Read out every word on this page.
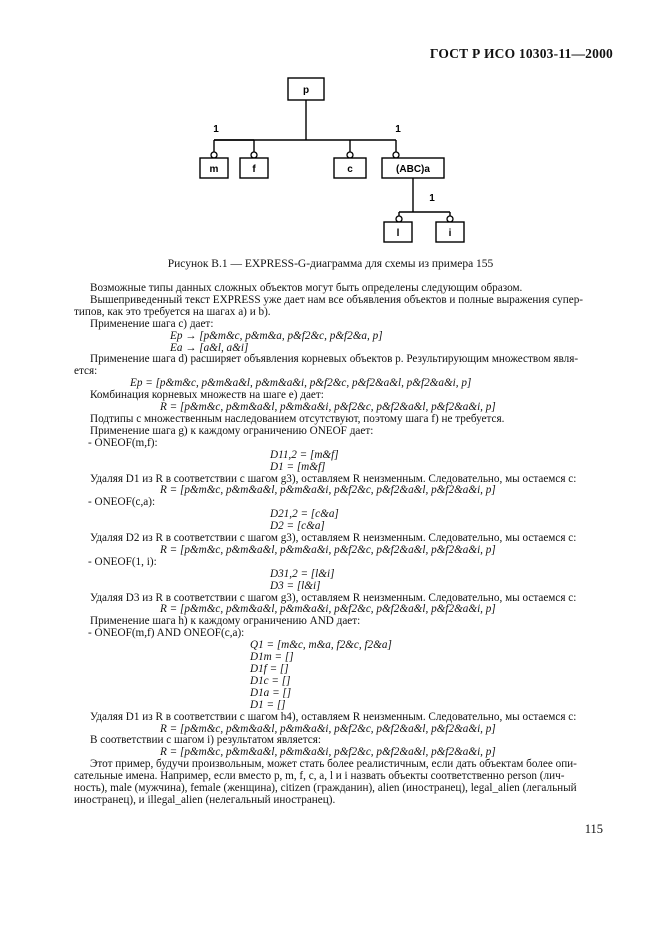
ГОСТ Р ИСО 10303-11—2000
p
1	1
m	f	c	(ABC)a
1
l	i
Рисунок В.1 — EXPRESS-G-диаграмма для схемы из примера 155

Возможные типы данных сложных объектов могут быть определены следующим образом.

Вышеприведенный текст EXPRESS уже дает нам все объявления объектов и полные выражения супер-

типов, как это требуется на шагах а) и b).

Применение шага с) дает:

Eр → [p&m&c, p&m&a, p&f2&c, p&f2&a, p]

Ea → [a&l, a&i]

Применение шага d) расширяет объявления корневых объектов p. Результирующим множеством явля-

ется:

Eр = [p&m&c, p&m&a&l, p&m&a&i, p&f2&c, p&f2&a&l, p&f2&a&i, p]

Комбинация корневых множеств на шаге е) дает:

R = [p&m&c, p&m&a&l, p&m&a&i, p&f2&c, p&f2&a&l, p&f2&a&i, p]

Подтипы с множественным наследованием отсутствуют, поэтому шага f) не требуется.

Применение шага g) к каждому ограничению ONEOF дает:

- ONEOF(m,f):

D11,2 = [m&f]

D1 = [m&f]

Удаляя D1 из R в соответствии с шагом g3), оставляем R неизменным. Следовательно, мы остаемся с:

R = [p&m&c, p&m&a&l, p&m&a&i, p&f2&c, p&f2&a&l, p&f2&a&i, p]

- ONEOF(c,a):

D21,2 = [c&a]

D2 = [c&a]

Удаляя D2 из R в соответствии с шагом g3), оставляем R неизменным. Следовательно, мы остаемся с:

R = [p&m&c, p&m&a&l, p&m&a&i, p&f2&c, p&f2&a&l, p&f2&a&i, p]

- ONEOF(1, i):

D31,2 = [l&i]

D3 = [l&i]

Удаляя D3 из R в соответствии с шагом g3), оставляем R неизменным. Следовательно, мы остаемся с:

R = [p&m&c, p&m&a&l, p&m&a&i, p&f2&c, p&f2&a&l, p&f2&a&i, p]

Применение шага h) к каждому ограничению AND дает:

- ONEOF(m,f) AND ONEOF(c,a):

Q1 = [m&c, m&a, f2&c, f2&a]

D1m = []

D1f = []

D1c = []

D1a = []

D1 = []

Удаляя D1 из R в соответствии с шагом h4), оставляем R неизменным. Следовательно, мы остаемся с:

R = [p&m&c, p&m&a&l, p&m&a&i, p&f2&c, p&f2&a&l, p&f2&a&i, p]

В соответствии с шагом i) результатом является:

R = [p&m&c, p&m&a&l, p&m&a&i, p&f2&c, p&f2&a&l, p&f2&a&i, p]

Этот пример, будучи произвольным, может стать более реалистичным, если дать объектам более опи-

сательные имена. Например, если вместо p, m, f, c, a, l и i назвать объекты соответственно person (лич-

ность), male (мужчина), female (женщина), citizen (гражданин), alien (иностранец), legal_alien (легальный

иностранец), и illegal_alien (нелегальный иностранец).

115
